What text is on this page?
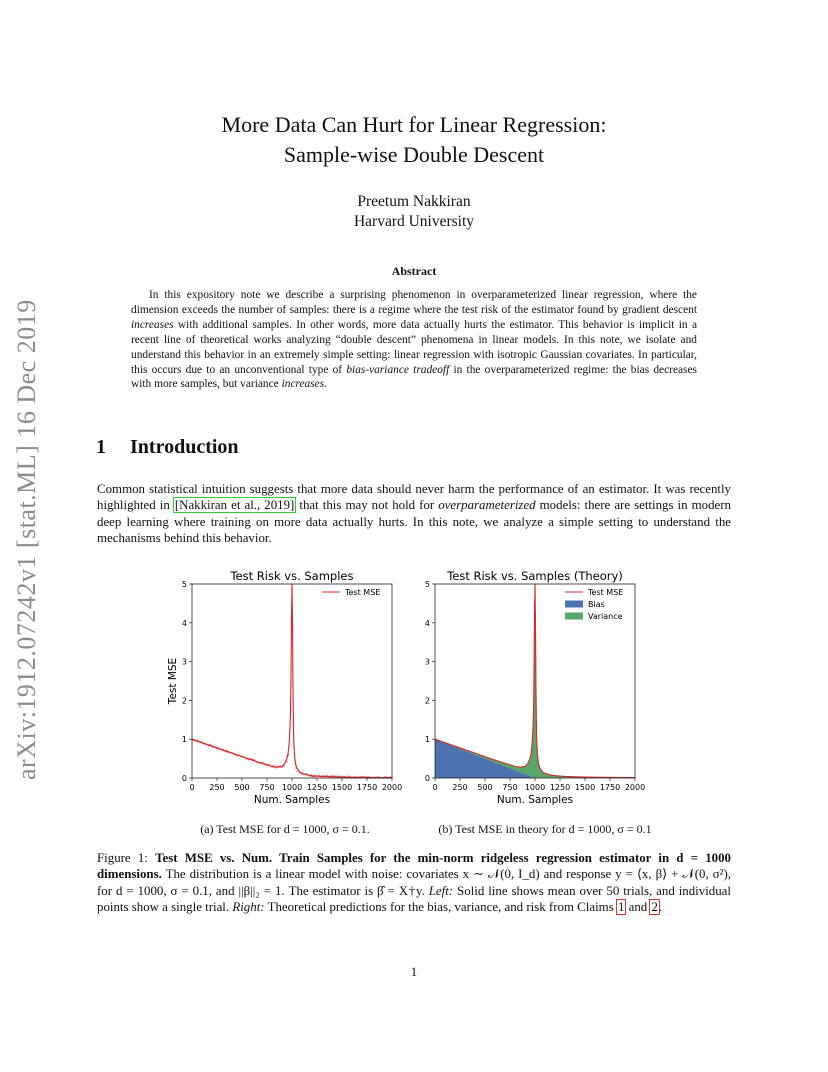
arXiv:1912.07242v1 [stat.ML] 16 Dec 2019
More Data Can Hurt for Linear Regression:
Sample-wise Double Descent
Preetum Nakkiran
Harvard University
Abstract
In this expository note we describe a surprising phenomenon in overparameterized linear regression, where the dimension exceeds the number of samples: there is a regime where the test risk of the estimator found by gradient descent increases with additional samples. In other words, more data actually hurts the estimator. This behavior is implicit in a recent line of theoretical works analyzing “double descent” phenomena in linear models. In this note, we isolate and understand this behavior in an extremely simple setting: linear regression with isotropic Gaussian covariates. In particular, this occurs due to an unconventional type of bias-variance tradeoff in the overparameterized regime: the bias decreases with more samples, but variance increases.
1 Introduction
Common statistical intuition suggests that more data should never harm the performance of an estimator. It was recently highlighted in [Nakkiran et al., 2019] that this may not hold for overparameterized models: there are settings in modern deep learning where training on more data actually hurts. In this note, we analyze a simple setting to understand the mechanisms behind this behavior.
Test Risk vs. Samples
0 250 500 750 1000 1250 1500 1750 2000
0
1
2
3
4
5
Num. Samples
Test MSE
Test MSE
Test Risk vs. Samples (Theory)
0 250 500 750 1000 1250 1500 1750 2000
0
1
2
3
4
5
Num. Samples
Test MSE
Bias
Variance
(a) Test MSE for d = 1000, σ = 0.1.	(b) Test MSE in theory for d = 1000, σ = 0.1
Figure 1: Test MSE vs. Num. Train Samples for the min-norm ridgeless regression estimator in d = 1000 dimensions. The distribution is a linear model with noise: covariates x ∼ 𝒩(0, I_d) and response y = ⟨x, β⟩ + 𝒩(0, σ²), for d = 1000, σ = 0.1, and ||β||₂ = 1. The estimator is β̂ = X†y. Left: Solid line shows mean over 50 trials, and individual points show a single trial. Right: Theoretical predictions for the bias, variance, and risk from Claims 1 and 2.
1
